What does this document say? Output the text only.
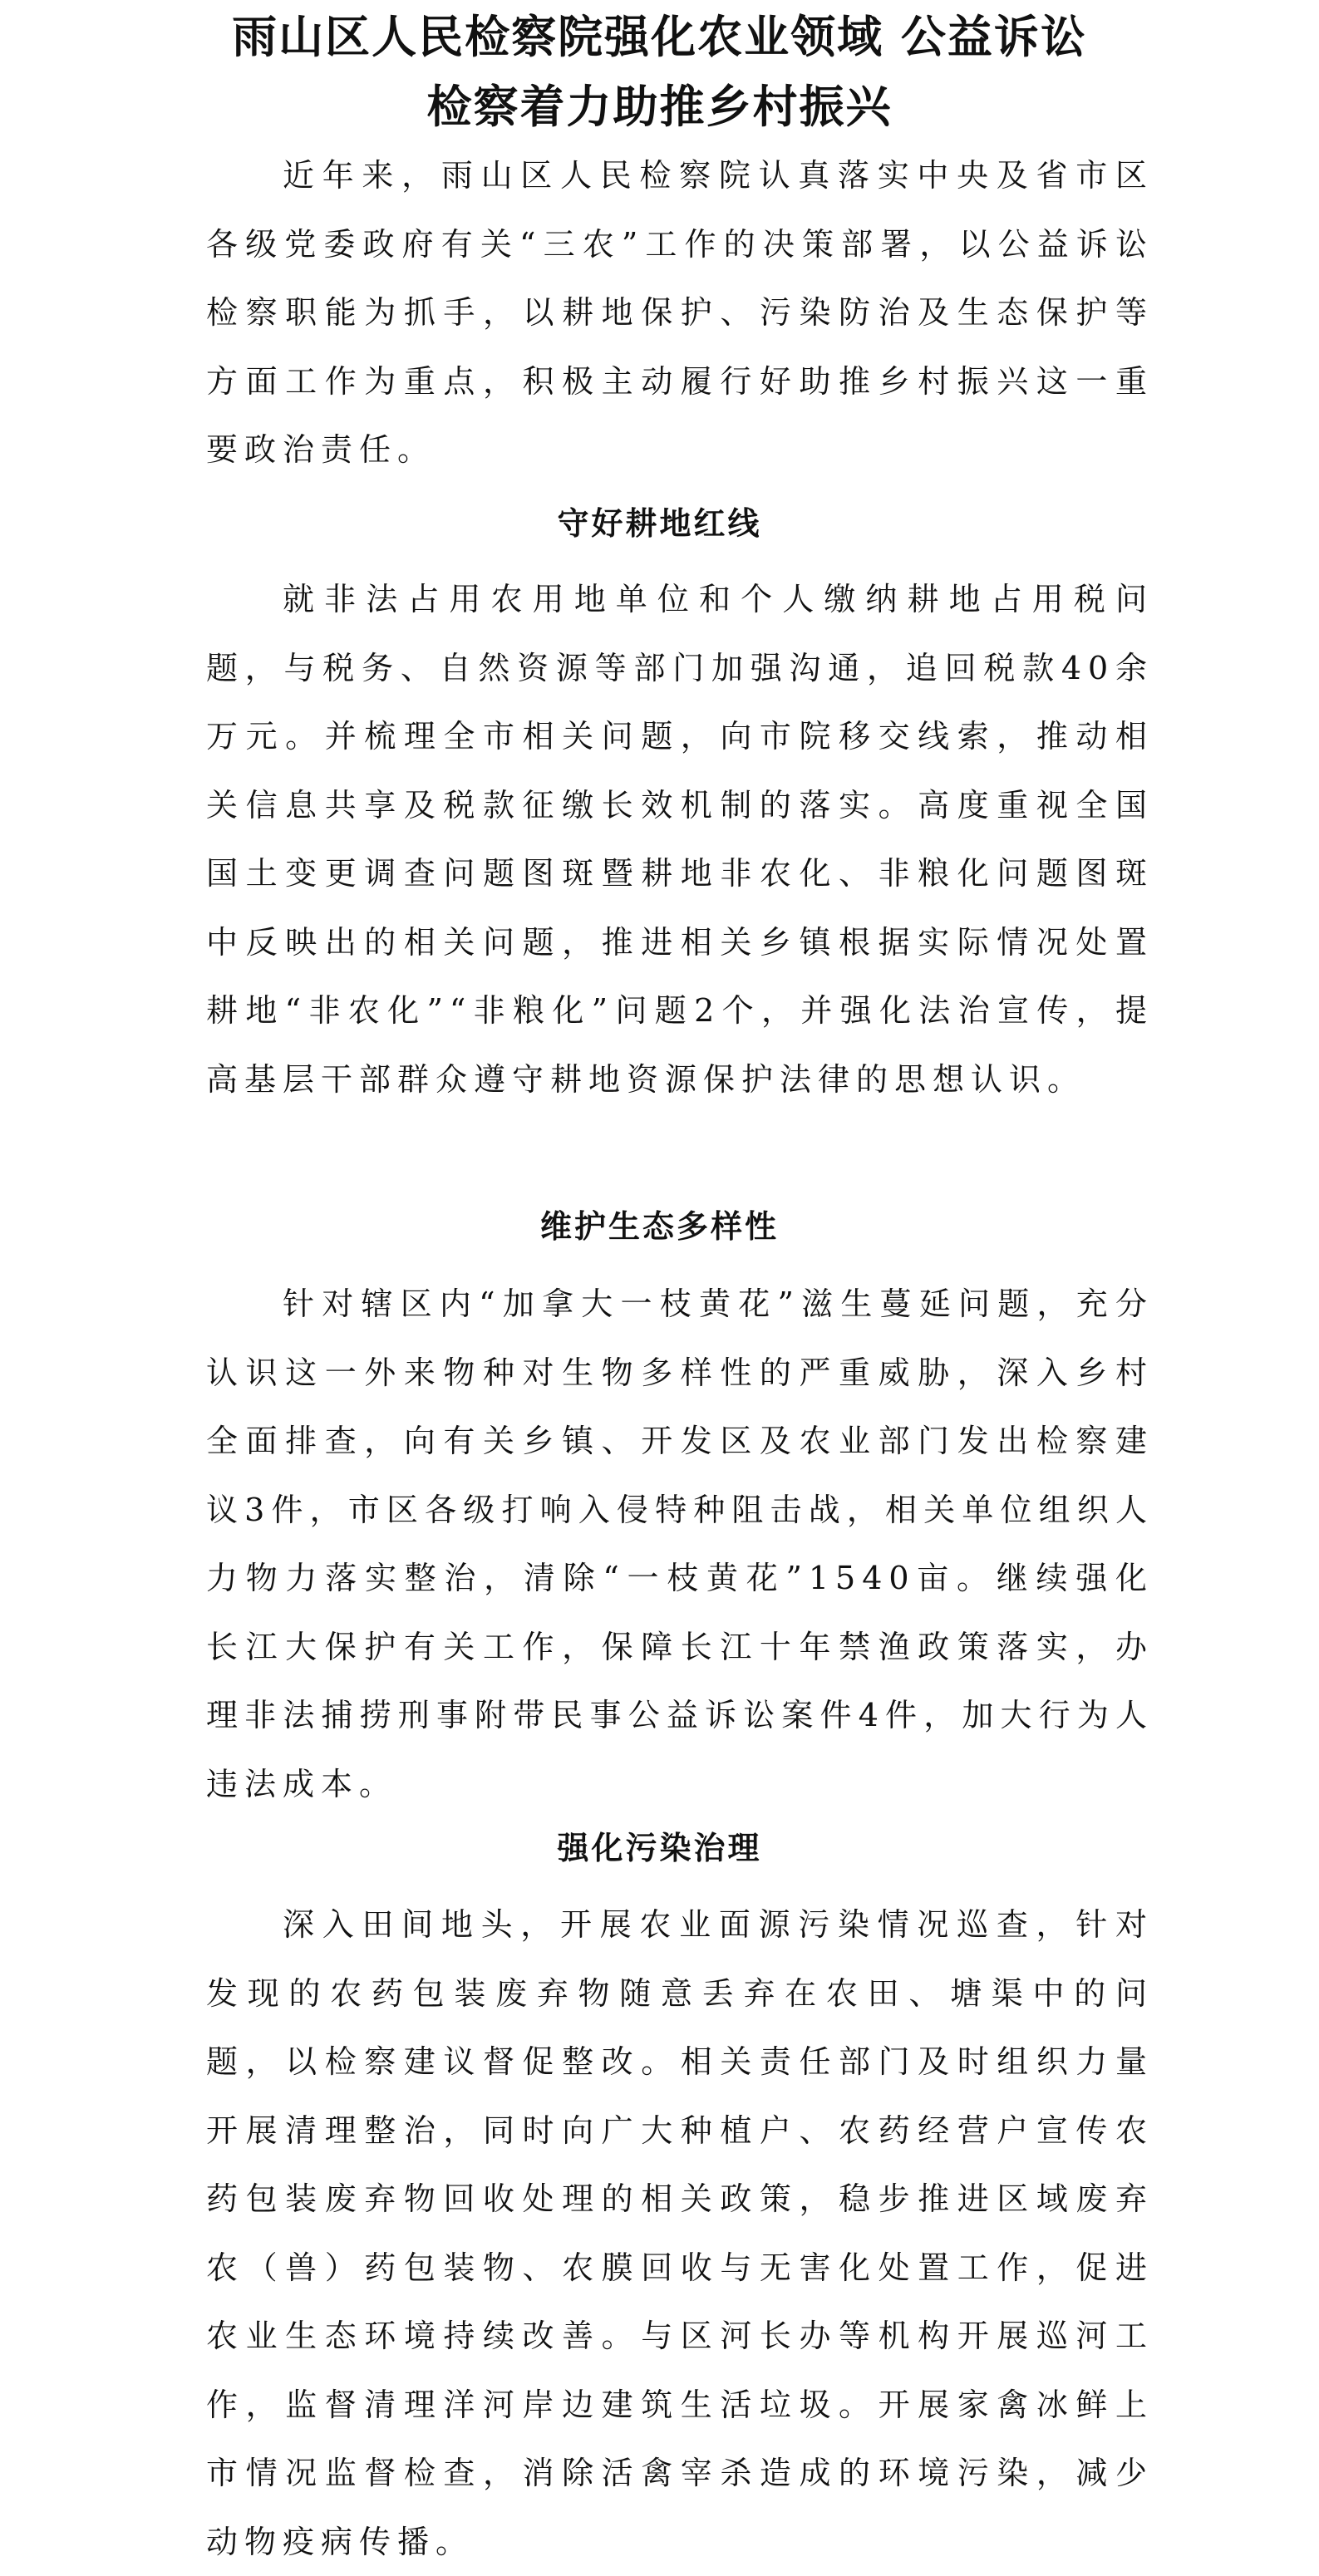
雨山区人民检察院强化农业领域 公益诉讼
检察着力助推乡村振兴

近年来，雨山区人民检察院认真落实中央及省市区各级党委政府有关“三农”工作的决策部署，以公益诉讼检察职能为抓手，以耕地保护、污染防治及生态保护等方面工作为重点，积极主动履行好助推乡村振兴这一重要政治责任。

守好耕地红线

就非法占用农用地单位和个人缴纳耕地占用税问题，与税务、自然资源等部门加强沟通，追回税款40余万元。并梳理全市相关问题，向市院移交线索，推动相关信息共享及税款征缴长效机制的落实。高度重视全国国土变更调查问题图斑暨耕地非农化、非粮化问题图斑中反映出的相关问题，推进相关乡镇根据实际情况处置耕地“非农化”“非粮化”问题2个，并强化法治宣传，提高基层干部群众遵守耕地资源保护法律的思想认识。

维护生态多样性

针对辖区内“加拿大一枝黄花”滋生蔓延问题，充分认识这一外来物种对生物多样性的严重威胁，深入乡村全面排查，向有关乡镇、开发区及农业部门发出检察建议3件，市区各级打响入侵特种阻击战，相关单位组织人力物力落实整治，清除“一枝黄花”1540亩。继续强化长江大保护有关工作，保障长江十年禁渔政策落实，办理非法捕捞刑事附带民事公益诉讼案件4件，加大行为人违法成本。

强化污染治理

深入田间地头，开展农业面源污染情况巡查，针对发现的农药包装废弃物随意丢弃在农田、塘渠中的问题，以检察建议督促整改。相关责任部门及时组织力量开展清理整治，同时向广大种植户、农药经营户宣传农药包装废弃物回收处理的相关政策，稳步推进区域废弃农（兽）药包装物、农膜回收与无害化处置工作，促进农业生态环境持续改善。与区河长办等机构开展巡河工作，监督清理洋河岸边建筑生活垃圾。开展家禽冰鲜上市情况监督检查，消除活禽宰杀造成的环境污染，减少动物疫病传播。
